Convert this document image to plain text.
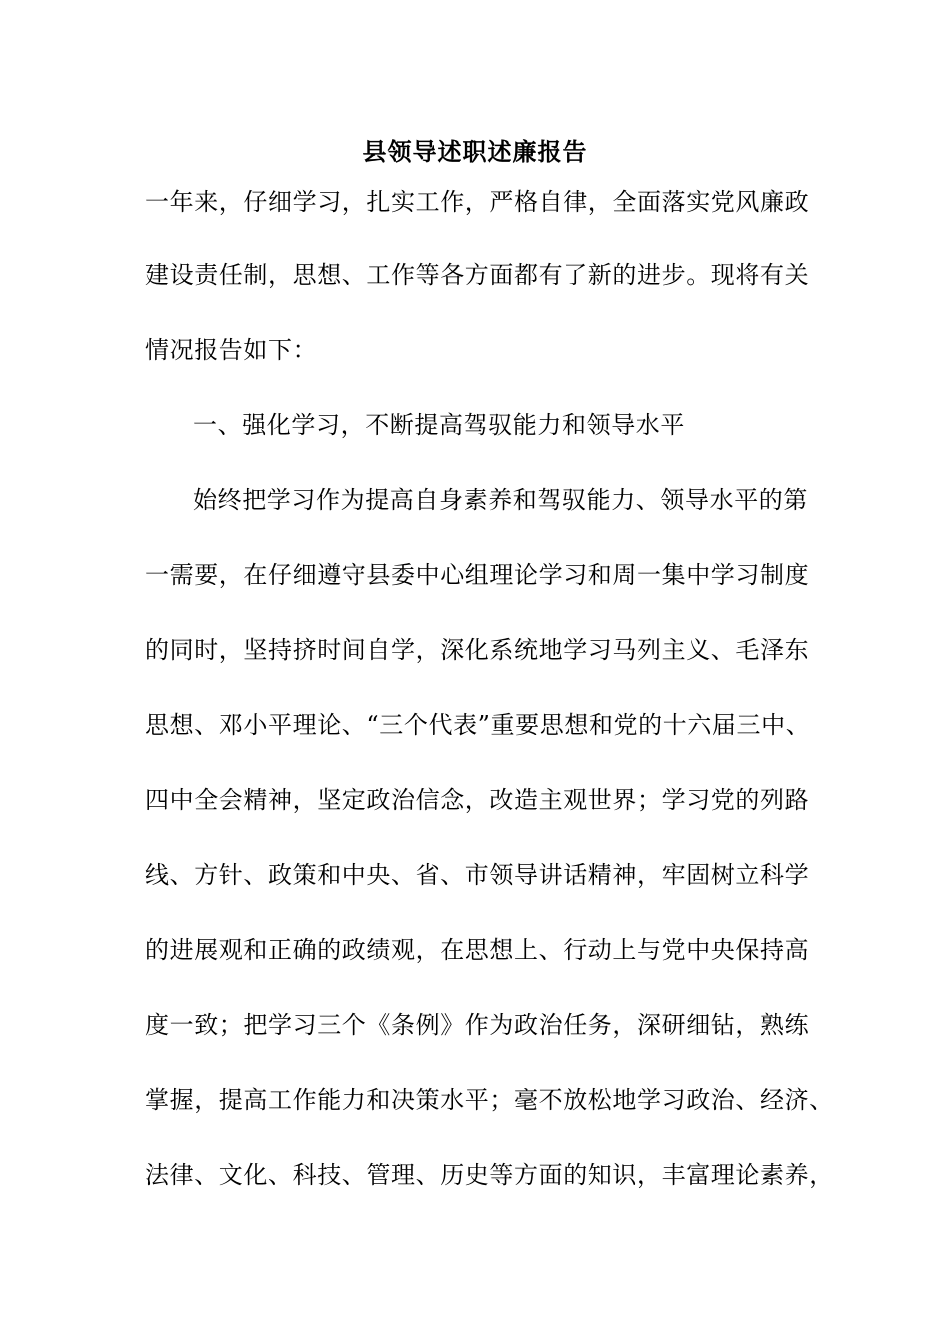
县领导述职述廉报告
一年来，仔细学习，扎实工作，严格自律，全面落实党风廉政
建设责任制，思想、工作等各方面都有了新的进步。现将有关
情况报告如下：
一、强化学习，不断提高驾驭能力和领导水平
始终把学习作为提高自身素养和驾驭能力、领导水平的第
一需要，在仔细遵守县委中心组理论学习和周一集中学习制度
的同时，坚持挤时间自学，深化系统地学习马列主义、毛泽东
思想、邓小平理论、“三个代表”重要思想和党的十六届三中、
四中全会精神，坚定政治信念，改造主观世界；学习党的列路
线、方针、政策和中央、省、市领导讲话精神，牢固树立科学
的进展观和正确的政绩观，在思想上、行动上与党中央保持高
度一致；把学习三个《条例》作为政治任务，深研细钻，熟练
掌握，提高工作能力和决策水平；毫不放松地学习政治、经济、
法律、文化、科技、管理、历史等方面的知识，丰富理论素养，
